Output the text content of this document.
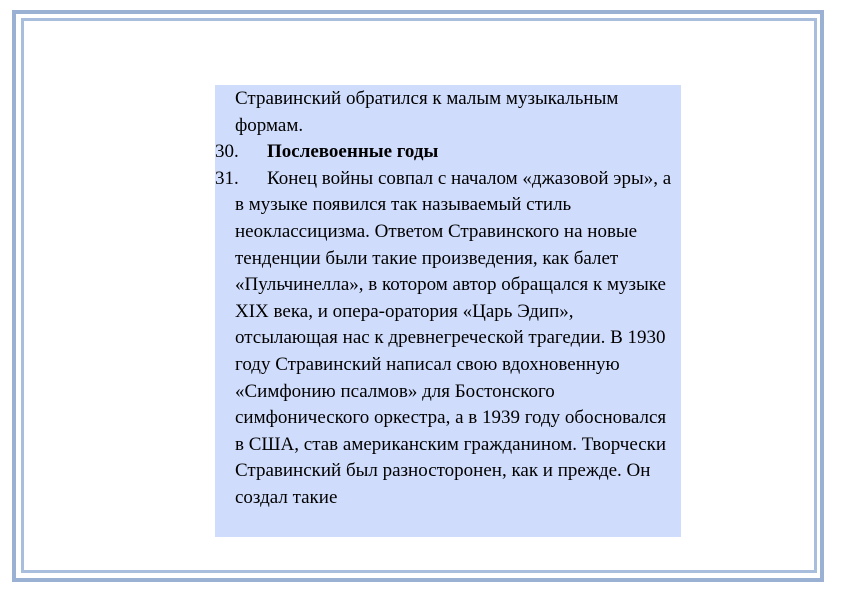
Стравинский обратился к малым музыкальным формам.

30. Послевоенные годы

31. Конец войны совпал с началом «джазовой эры», а в музыке появился так называемый стиль неоклассицизма. Ответом Стравинского на новые тенденции были такие произведения, как балет «Пульчинелла», в котором автор обращался к музыке XIX века, и опера-оратория «Царь Эдип», отсылающая нас к древнегреческой трагедии. В 1930 году Стравинский написал свою вдохновенную «Симфонию псалмов» для Бостонского симфонического оркестра, а в 1939 году обосновался в США, став американским гражданином. Творчески Стравинский был разносторонен, как и прежде. Он создал такие
